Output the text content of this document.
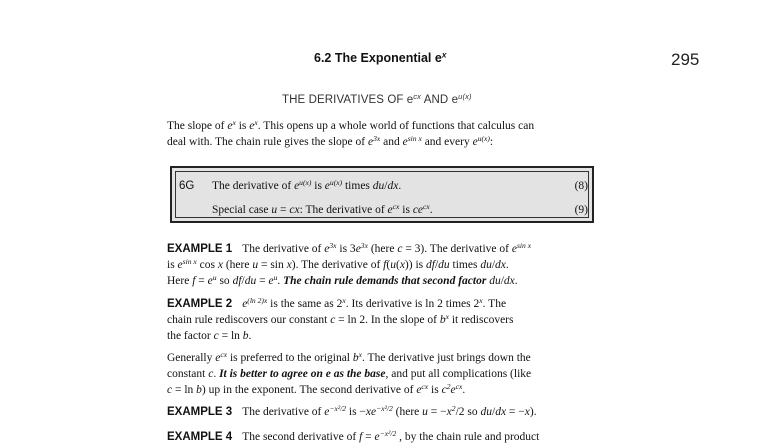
6.2 The Exponential $e^x$	295
THE DERIVATIVES OF $e^{cx}$ AND $e^{u(x)}$
The slope of $e^x$ is $e^x$. This opens up a whole world of functions that calculus can
deal with. The chain rule gives the slope of $e^{3x}$ and $e^{sin x}$ and every $e^{u(x)}$:
6G The derivative of $e^{u(x)}$ is $e^{u(x)}$ times du/dx.
Special case u = cx: The derivative of $e^{cx}$ is $ce^{cx}$.
(8)
(9)
EXAMPLE 1 The derivative of $e^{3x}$ is $3e^{3x}$ (here c = 3). The derivative of $e^{sin x}$
is $e^{sin x}$ cos x (here u = sin x). The derivative of f(u(x)) is df/du times du/dx.
Here $f = e^u$ so $df/du = e^u$. The chain rule demands that second factor du/dx.
EXAMPLE 2 $e^{(ln 2)x}$ is the same as 2$^x$. Its derivative is ln 2 times 2$^x$. The
chain rule rediscovers our constant c = ln 2. In the slope of $b^x$ it rediscovers
the factor c = ln b.
Generally $e^{cx}$ is preferred to the original $b^x$. The derivative just brings down the
constant c. It is better to agree on e as the base, and put all complications (like
c = ln b) up in the exponent. The second derivative of $e^{cx}$ is $c^2e^{cx}$.
EXAMPLE 3 The derivative of $e^{-x^2/2}$ is $-xe^{-x^2/2}$ (here $u = -x^2/2$ so du/dx = −x).
EXAMPLE 4 The second derivative of $f = e^{-x^2/2}$ , by the chain rule and product
